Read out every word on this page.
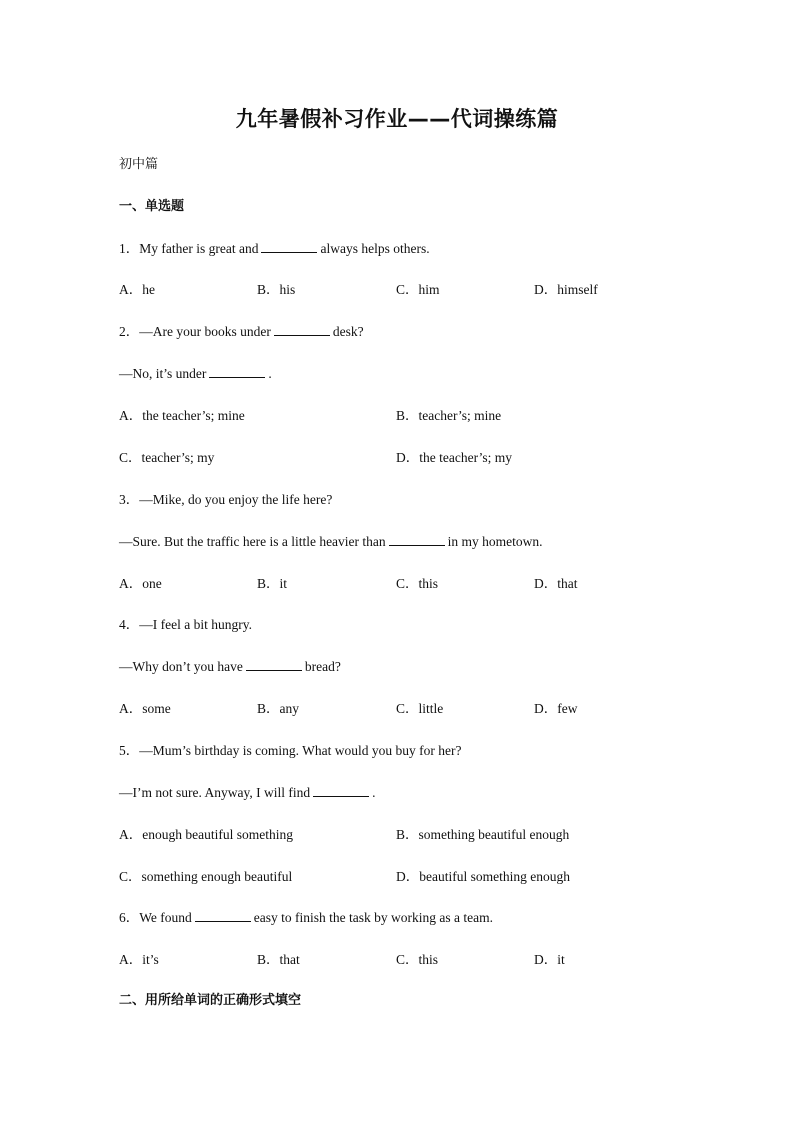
九年暑假补习作业——代词操练篇
初中篇
一、单选题
1．My father is great and	always helps others.
A．he	B．his	C．him	D．himself
2．—Are your books under	desk?
—No, it’s under	.
A．the teacher’s; mine	B．teacher’s; mine
C．teacher’s; my	D．the teacher’s; my
3．—Mike, do you enjoy the life here?
—Sure. But the traffic here is a little heavier than	in my hometown.
A．one	B．it	C．this	D．that
4．—I feel a bit hungry.
—Why don’t you have	bread?
A．some	B．any	C．little	D．few
5．—Mum’s birthday is coming. What would you buy for her?
—I’m not sure. Anyway, I will find	.
A．enough beautiful something	B．something beautiful enough
C．something enough beautiful	D．beautiful something enough
6．We found	easy to finish the task by working as a team.
A．it’s	B．that	C．this	D．it
二、用所给单词的正确形式填空
